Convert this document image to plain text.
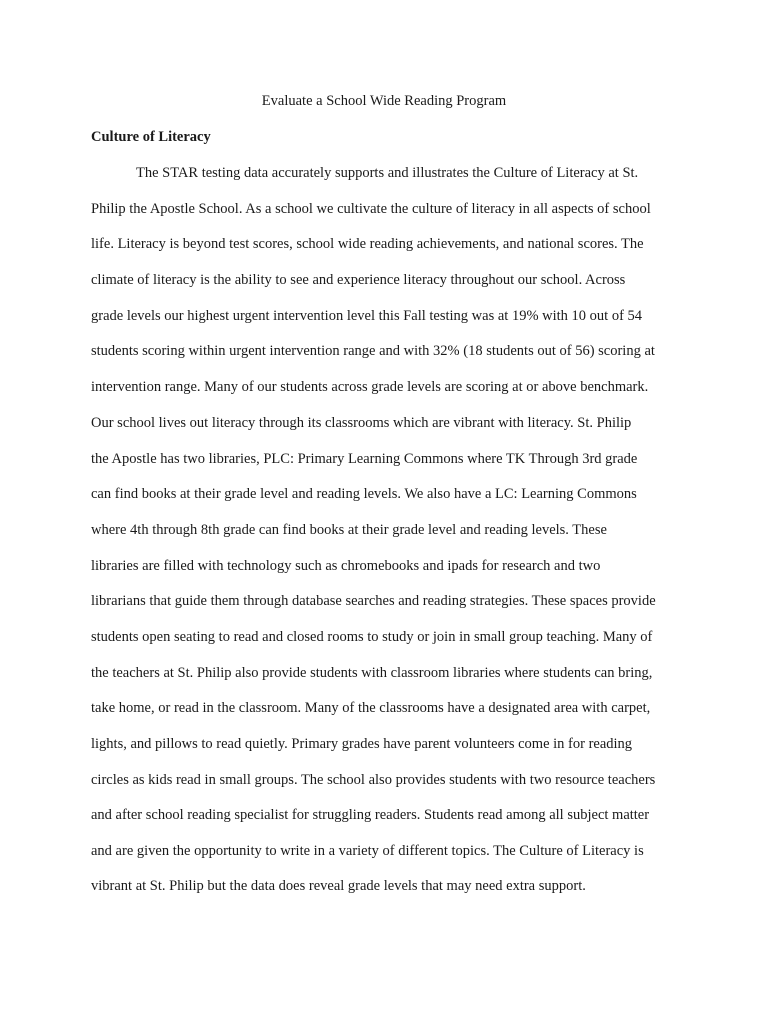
Evaluate a School Wide Reading Program
Culture of Literacy

The STAR testing data accurately supports and illustrates the Culture of Literacy at St.

Philip the Apostle School. As a school we cultivate the culture of literacy in all aspects of school

life. Literacy is beyond test scores, school wide reading achievements, and national scores. The

climate of literacy is the ability to see and experience literacy throughout our school. Across

grade levels our highest urgent intervention level this Fall testing was at 19% with 10 out of 54

students scoring within urgent intervention range and with 32% (18 students out of 56) scoring at

intervention range. Many of our students across grade levels are scoring at or above benchmark.

Our school lives out literacy through its classrooms which are vibrant with literacy. St. Philip

the Apostle has two libraries, PLC: Primary Learning Commons where TK Through 3rd grade

can find books at their grade level and reading levels. We also have a LC: Learning Commons

where 4th through 8th grade can find books at their grade level and reading levels. These

libraries are filled with technology such as chromebooks and ipads for research and two

librarians that guide them through database searches and reading strategies. These spaces provide

students open seating to read and closed rooms to study or join in small group teaching. Many of

the teachers at St. Philip also provide students with classroom libraries where students can bring,

take home, or read in the classroom. Many of the classrooms have a designated area with carpet,

lights, and pillows to read quietly. Primary grades have parent volunteers come in for reading

circles as kids read in small groups. The school also provides students with two resource teachers

and after school reading specialist for struggling readers. Students read among all subject matter

and are given the opportunity to write in a variety of different topics. The Culture of Literacy is

vibrant at St. Philip but the data does reveal grade levels that may need extra support.
